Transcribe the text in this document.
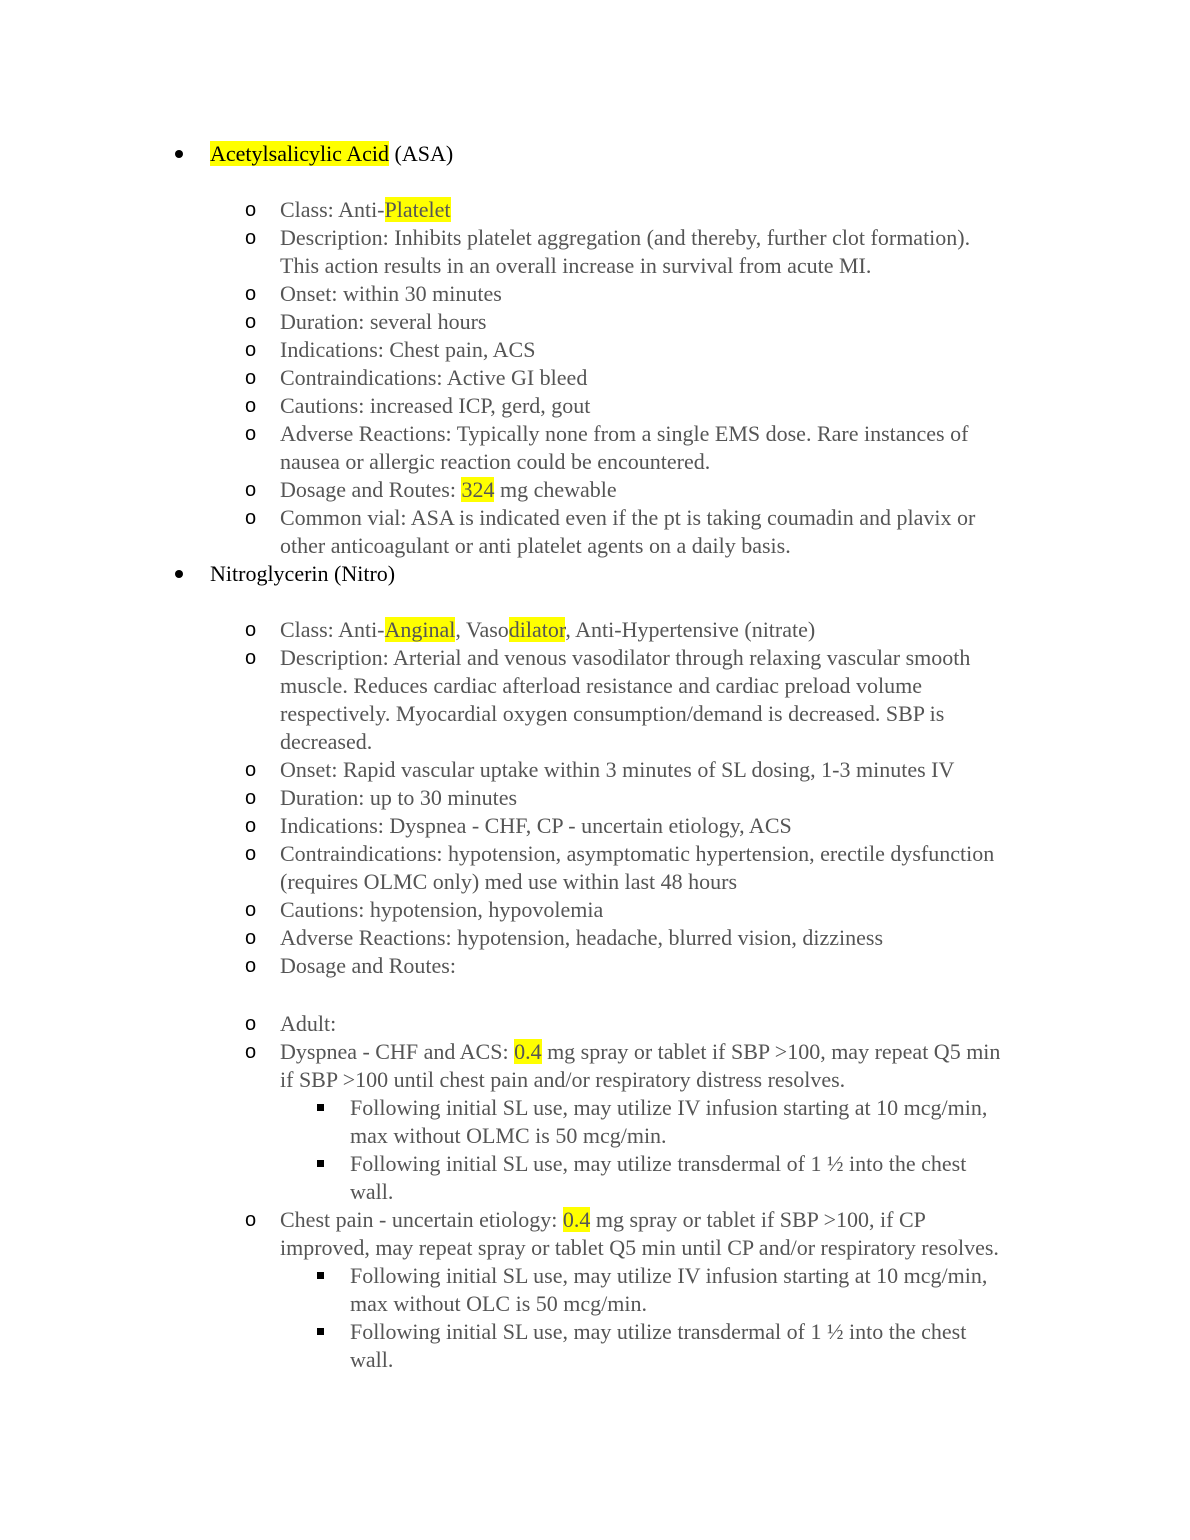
Acetylsalicylic Acid (ASA)
o Class: Anti-Platelet
o Description: Inhibits platelet aggregation (and thereby, further clot formation).
This action results in an overall increase in survival from acute MI.
o Onset: within 30 minutes
o Duration: several hours
o Indications: Chest pain, ACS
o Contraindications: Active GI bleed
o Cautions: increased ICP, gerd, gout
o Adverse Reactions: Typically none from a single EMS dose. Rare instances of
nausea or allergic reaction could be encountered.
o Dosage and Routes: 324 mg chewable
o Common vial: ASA is indicated even if the pt is taking coumadin and plavix or
other anticoagulant or anti platelet agents on a daily basis.
Nitroglycerin (Nitro)
o Class: Anti-Anginal, Vasodilator, Anti-Hypertensive (nitrate)
o Description: Arterial and venous vasodilator through relaxing vascular smooth
muscle. Reduces cardiac afterload resistance and cardiac preload volume
respectively. Myocardial oxygen consumption/demand is decreased. SBP is
decreased.
o Onset: Rapid vascular uptake within 3 minutes of SL dosing, 1-3 minutes IV
o Duration: up to 30 minutes
o Indications: Dyspnea - CHF, CP - uncertain etiology, ACS
o Contraindications: hypotension, asymptomatic hypertension, erectile dysfunction
(requires OLMC only) med use within last 48 hours
o Cautions: hypotension, hypovolemia
o Adverse Reactions: hypotension, headache, blurred vision, dizziness
o Dosage and Routes:
o Adult:
o Dyspnea - CHF and ACS: 0.4 mg spray or tablet if SBP >100, may repeat Q5 min
if SBP >100 until chest pain and/or respiratory distress resolves.
Following initial SL use, may utilize IV infusion starting at 10 mcg/min,
max without OLMC is 50 mcg/min.
Following initial SL use, may utilize transdermal of 1 ½ into the chest
wall.
o Chest pain - uncertain etiology: 0.4 mg spray or tablet if SBP >100, if CP
improved, may repeat spray or tablet Q5 min until CP and/or respiratory resolves.
Following initial SL use, may utilize IV infusion starting at 10 mcg/min,
max without OLC is 50 mcg/min.
Following initial SL use, may utilize transdermal of 1 ½ into the chest
wall.
